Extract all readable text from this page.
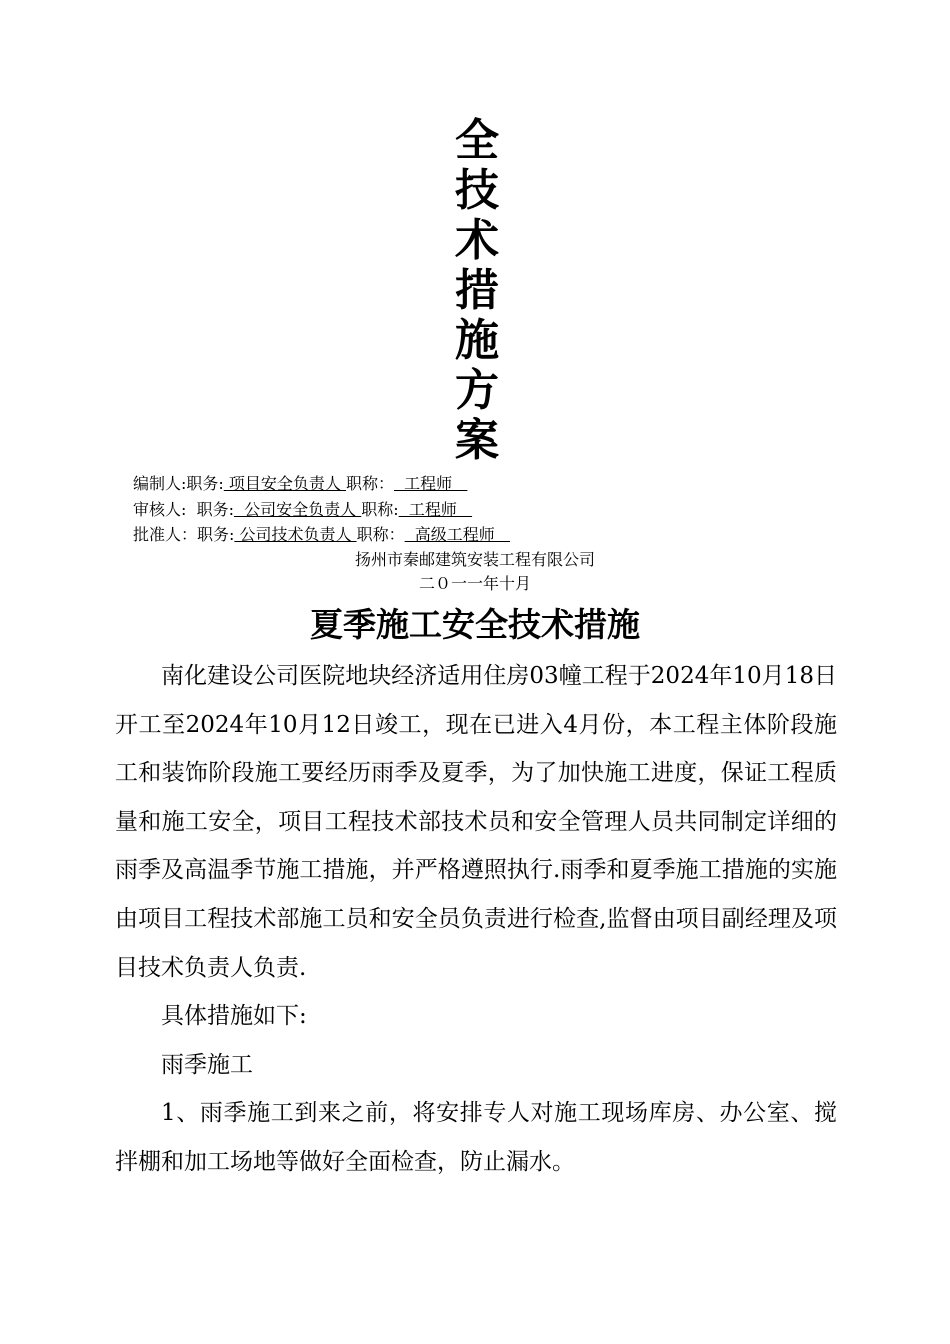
全
技
术
措
施
方
案
编制人:职务: 项目安全负责人 职称：  工程师
审核人:  职务:  公司安全负责人 职称:  工程师
批准人：职务: 公司技术负责人 职称：  高级工程师
扬州市秦邮建筑安装工程有限公司
二０一一年十月
夏季施工安全技术措施

南化建设公司医院地块经济适用住房03幢工程于2024年10月18日开工至2024年10月12日竣工，现在已进入4月份，本工程主体阶段施工和装饰阶段施工要经历雨季及夏季，为了加快施工进度，保证工程质量和施工安全，项目工程技术部技术员和安全管理人员共同制定详细的雨季及高温季节施工措施，并严格遵照执行.雨季和夏季施工措施的实施由项目工程技术部施工员和安全员负责进行检查,监督由项目副经理及项目技术负责人负责.

具体措施如下:

雨季施工

1、雨季施工到来之前，将安排专人对施工现场库房、办公室、搅拌棚和加工场地等做好全面检查，防止漏水。
